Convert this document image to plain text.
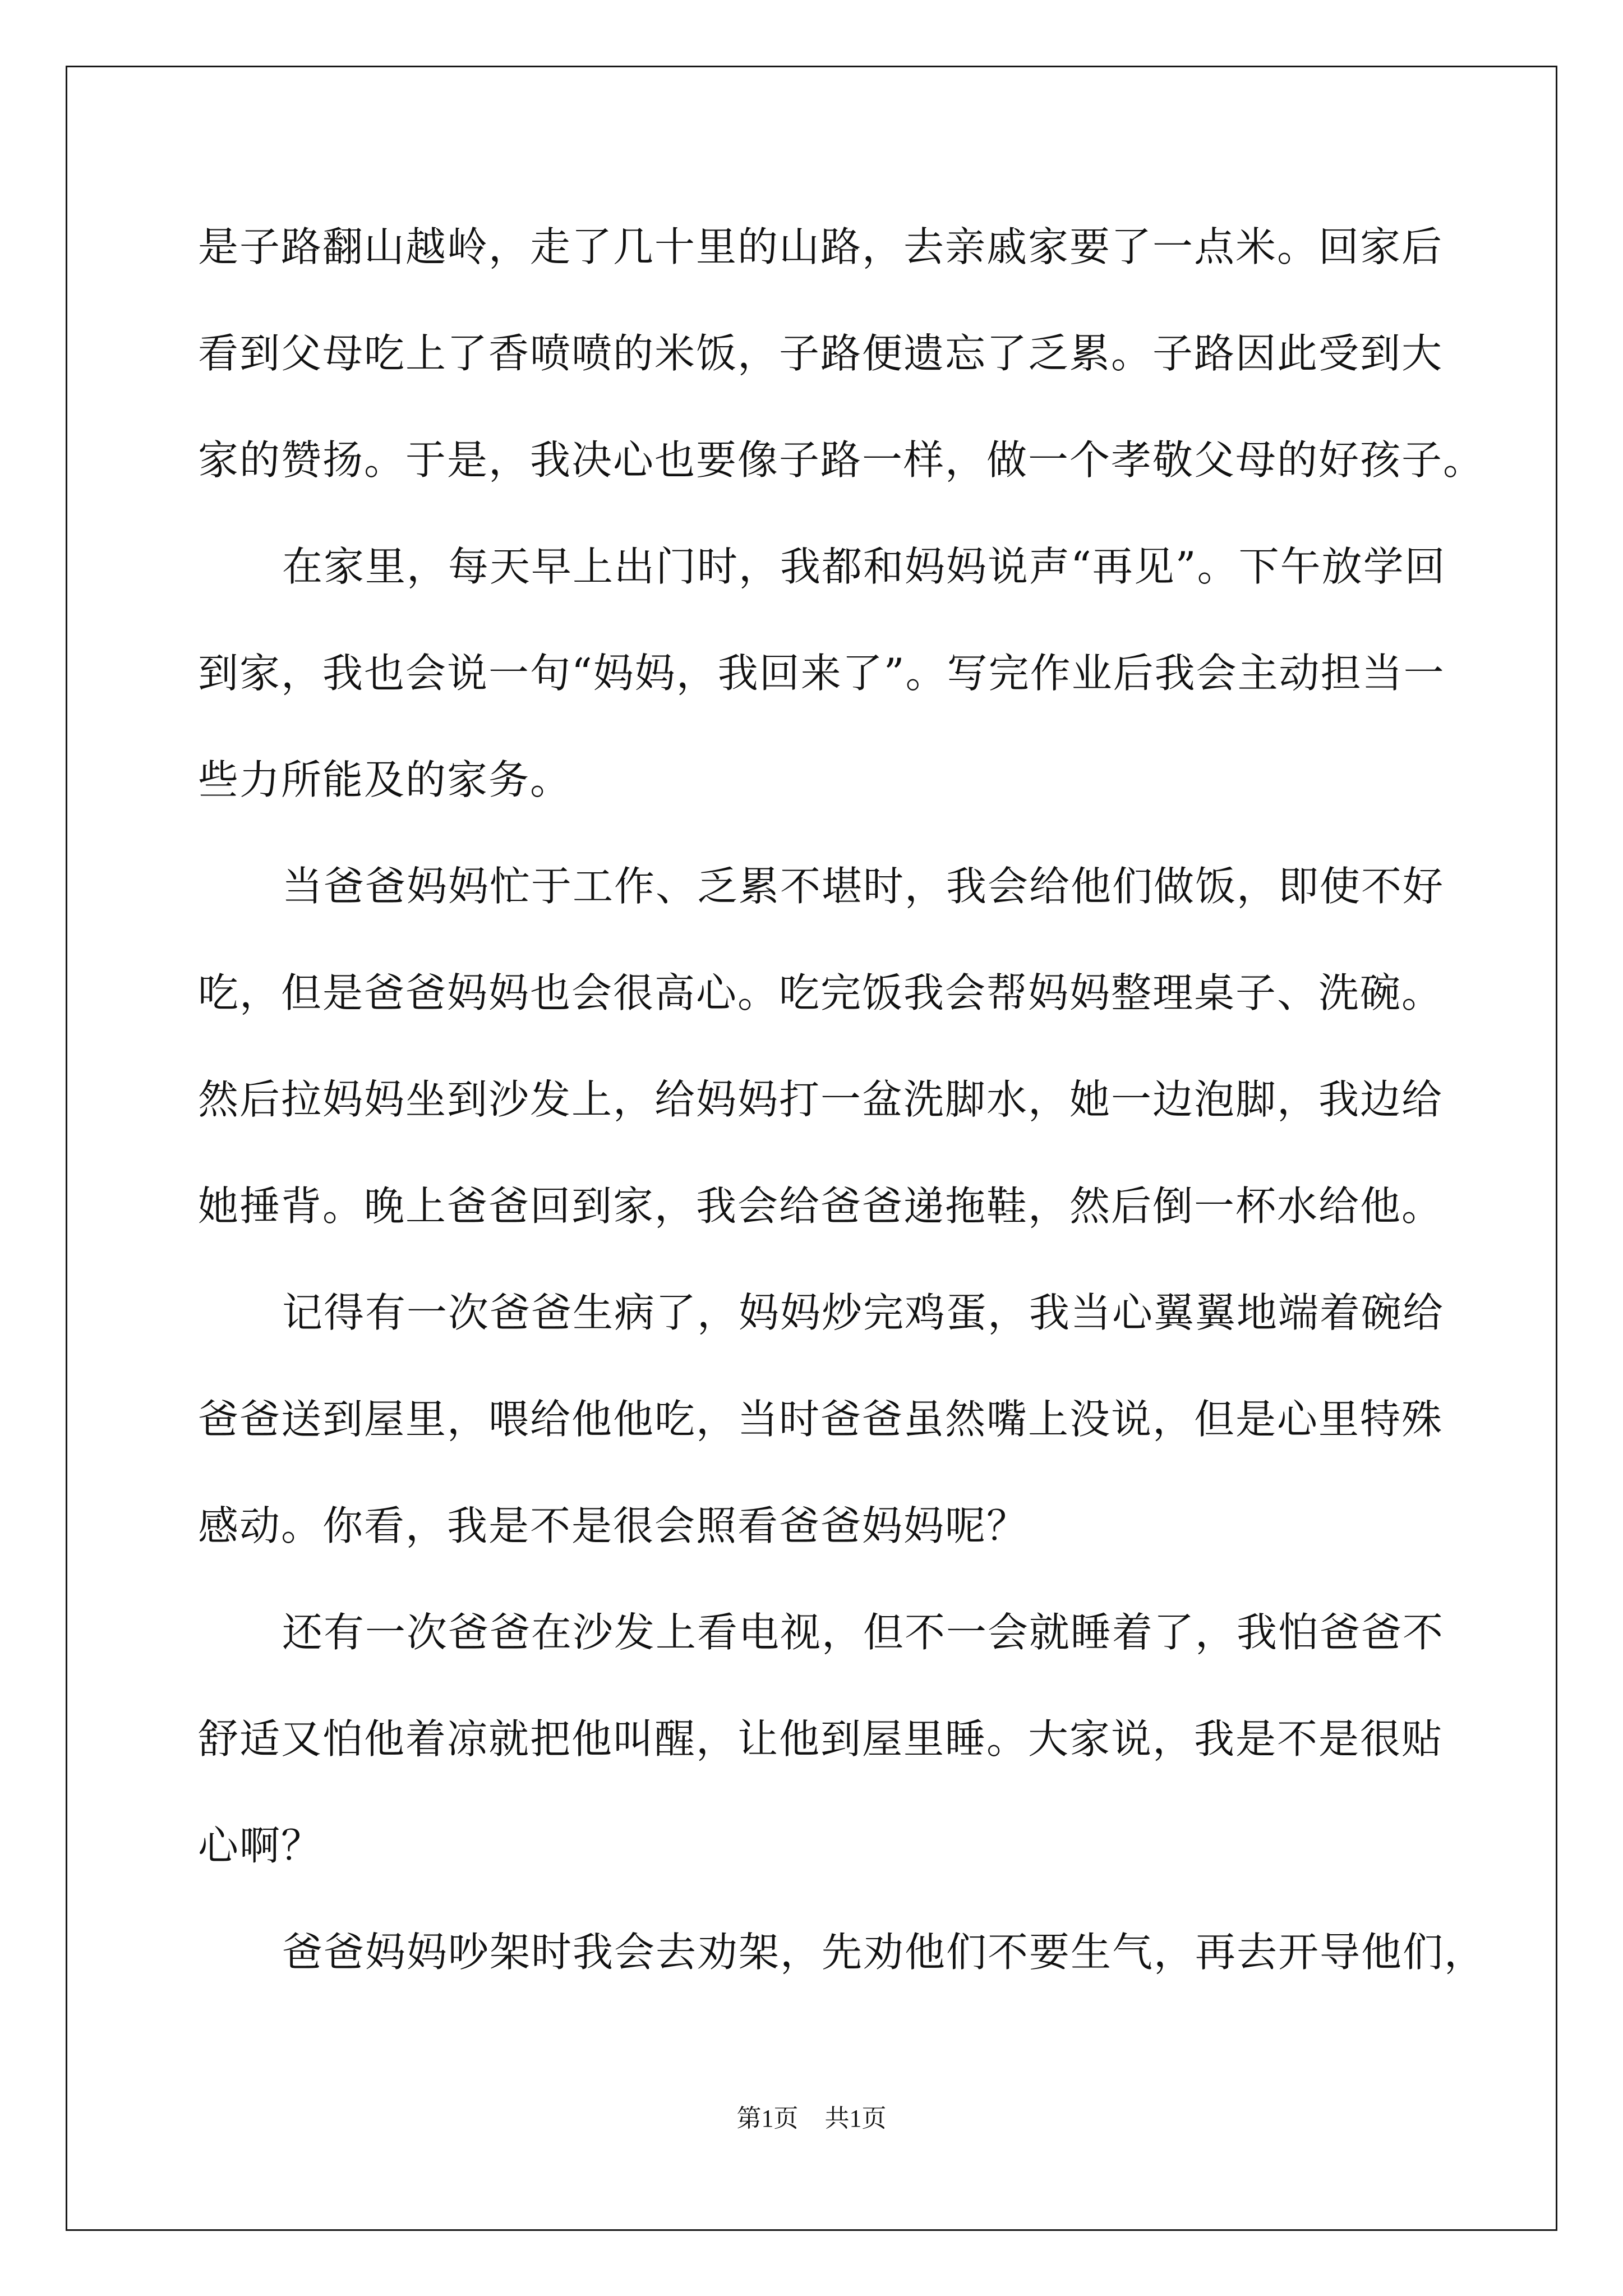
是子路翻山越岭，走了几十里的山路，去亲戚家要了一点米。回家后
看到父母吃上了香喷喷的米饭，子路便遗忘了乏累。子路因此受到大
家的赞扬。于是，我决心也要像子路一样，做一个孝敬父母的好孩子。
在家里，每天早上出门时，我都和妈妈说声“再见”。下午放学回
到家，我也会说一句“妈妈，我回来了”。写完作业后我会主动担当一
些力所能及的家务。
当爸爸妈妈忙于工作、乏累不堪时，我会给他们做饭，即使不好
吃，但是爸爸妈妈也会很高心。吃完饭我会帮妈妈整理桌子、洗碗。
然后拉妈妈坐到沙发上，给妈妈打一盆洗脚水，她一边泡脚，我边给
她捶背。晚上爸爸回到家，我会给爸爸递拖鞋，然后倒一杯水给他。
记得有一次爸爸生病了，妈妈炒完鸡蛋，我当心翼翼地端着碗给
爸爸送到屋里，喂给他他吃，当时爸爸虽然嘴上没说，但是心里特殊
感动。你看，我是不是很会照看爸爸妈妈呢？
还有一次爸爸在沙发上看电视，但不一会就睡着了，我怕爸爸不
舒适又怕他着凉就把他叫醒，让他到屋里睡。大家说，我是不是很贴
心啊？
爸爸妈妈吵架时我会去劝架，先劝他们不要生气，再去开导他们，
第1页 共1页
